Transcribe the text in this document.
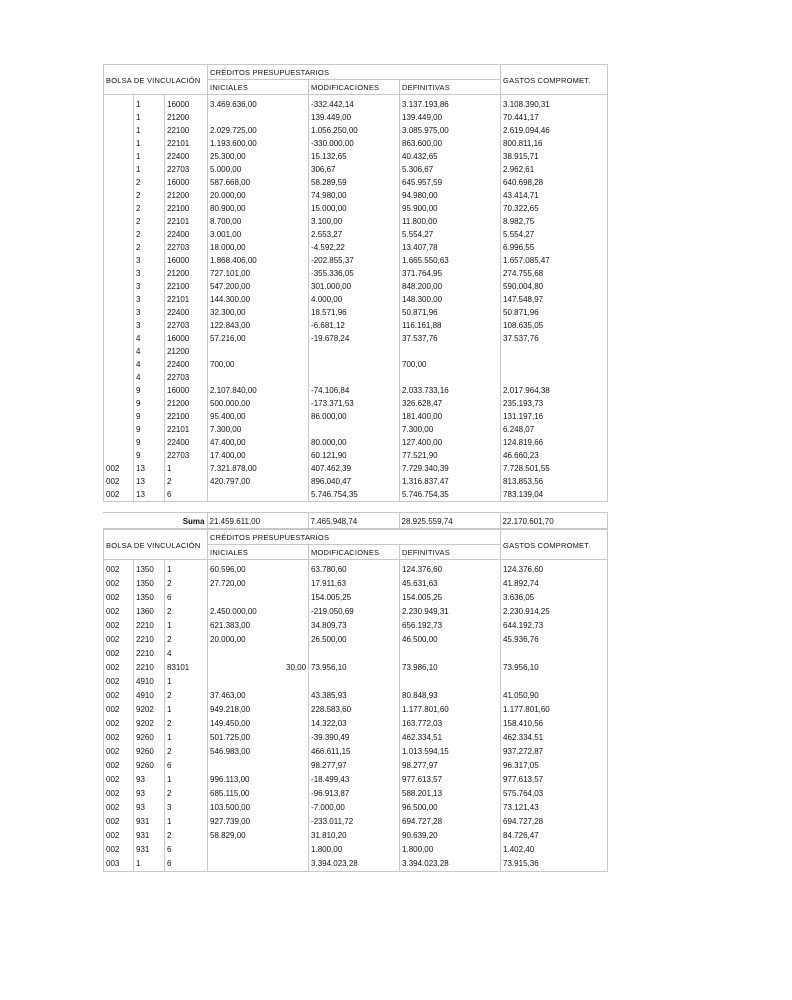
BOLSA DE VINCULACIÓN			CRÉDITOS PRESUPUESTARIOS			GASTOS COMPROMET.
			INICIALES	MODIFICACIONES	DEFINITIVAS	

	1	16000	3.469.636,00	-332.442,14	3.137.193,86	3.108.390,31
	1	21200		139.449,00	139.449,00	70.441,17
	1	22100	2.029.725,00	1.056.250,00	3.085.975,00	2.619.094,46
	1	22101	1.193.600,00	-330.000,00	863.600,00	800.811,16
	1	22400	25.300,00	15.132,65	40.432,65	38.915,71
	1	22703	5.000,00	306,67	5.306,67	2.962,61
	2	16000	587.668,00	58.289,59	645.957,59	640.698,28
	2	21200	20.000,00	74.980,00	94.980,00	43.414,71
	2	22100	80.900,00	15.000,00	95.900,00	70.322,65
	2	22101	8.700,00	3.100,00	11.800,00	8.982,75
	2	22400	3.001,00	2.553,27	5.554,27	5.554,27
	2	22703	18.000,00	-4.592,22	13.407,78	6.996,55
	3	16000	1.868.406,00	-202.855,37	1.665.550,63	1.657.085,47
	3	21200	727.101,00	-355.336,05	371.764,95	274.755,68
	3	22100	547.200,00	301.000,00	848.200,00	590.004,80
	3	22101	144.300,00	4.000,00	148.300,00	147.548,97
	3	22400	32.300,00	18.571,96	50.871,96	50.871,96
	3	22703	122.843,00	-6.681,12	116.161,88	108.635,05
	4	16000	57.216,00	-19.678,24	37.537,76	37.537,76
	4	21200				
	4	22400	700,00		700,00	
	4	22703				
	9	16000	2.107.840,00	-74.106,84	2.033.733,16	2.017.964,38
	9	21200	500.000,00	-173.371,53	326.628,47	235.193,73
	9	22100	95.400,00	86.000,00	181.400,00	131.197,16
	9	22101	7.300,00		7.300,00	6.248,07
	9	22400	47.400,00	80.000,00	127.400,00	124.819,66
	9	22703	17.400,00	60.121,90	77.521,90	46.660,23
002	13	1	7.321.878,00	407.462,39	7.729.340,39	7.728.501,55
002	13	2	420.797,00	896.040,47	1.316.837,47	813.853,56
002	13	6		5.746.754,35	5.746.754,35	783.139,04
Suma	21.459.611,00	7.465.948,74	28.925.559,74	22.170.601,70
BOLSA DE VINCULACIÓN			CRÉDITOS PRESUPUESTARIOS			GASTOS COMPROMET.
			INICIALES	MODIFICACIONES	DEFINITIVAS	

002	1350	1	60.596,00	63.780,60	124.376,60	124.376,60
002	1350	2	27.720,00	17.911,63	45.631,63	41.892,74
002	1350	6		154.005,25	154.005,25	3.636,05
002	1360	2	2.450.000,00	-219.050,69	2.230.949,31	2.230.914,25
002	2210	1	621.383,00	34.809,73	656.192,73	644.192,73
002	2210	2	20.000,00	26.500,00	46.500,00	45.936,76
002	2210	4				
002	2210	83101	30,00	73.956,10	73.986,10	73.956,10
002	4910	1				
002	4910	2	37.463,00	43.385,93	80.848,93	41.050,90
002	9202	1	949.218,00	228.583,60	1.177.801,60	1.177.801,60
002	9202	2	149.450,00	14.322,03	163.772,03	158.410,56
002	9260	1	501.725,00	-39.390,49	462.334,51	462.334,51
002	9260	2	546.983,00	466.611,15	1.013.594,15	937.272,87
002	9260	6		98.277,97	98.277,97	96.317,05
002	93	1	996.113,00	-18.499,43	977.613,57	977.613,57
002	93	2	685.115,00	-96.913,87	588.201,13	575.764,03
002	93	3	103.500,00	-7.000,00	96.500,00	73.121,43
002	931	1	927.739,00	-233.011,72	694.727,28	694.727,28
002	931	2	58.829,00	31.810,20	90.639,20	84.726,47
002	931	6		1.800,00	1.800,00	1.402,40
003	1	6		3.394.023,28	3.394.023,28	73.915,36
